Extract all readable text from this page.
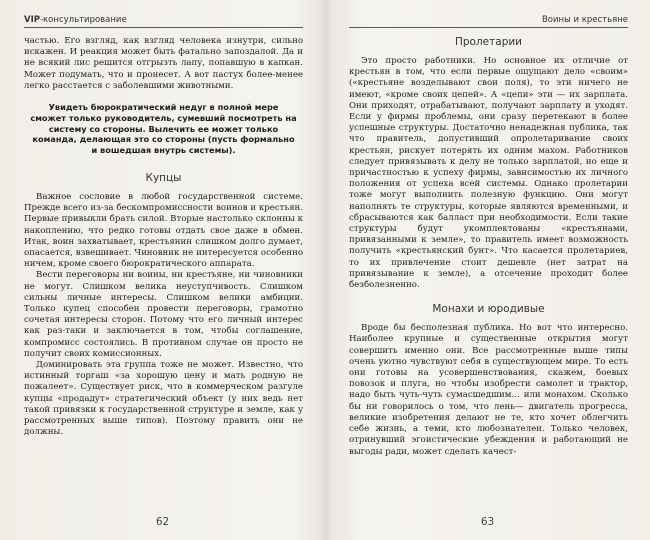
VIP -консультирование

частью. Его взгляд, как взгляд человека изнутри, сильно искажен. И реакция может быть фатально запоздалой. Да и не всякий лис решится отгрызть лапу, попавшую в капкан. Может подумать, что и пронесет. А вот пастух более-менее легко расстается с заболевшими животными.

Увидеть бюрократический недуг в полной мере сможет только руководитель, сумевший посмотреть на систему со стороны. Вылечить ее может только команда, делающая это со стороны (пусть формально и вошедшая внутрь системы).
Купцы

Важное сословие в любой государственной системе. Прежде всего из-за бескомпромиссности воинов и крестьян. Первые привыкли брать силой. Вторые настолько склонны к накоплению, что редко готовы отдать свое даже в обмен. Итак, воин захватывает, крестьянин слишком долго думает, опасается, взвешивает. Чиновник не интересуется особенно ничем, кроме своего бюрократического аппарата.

Вести переговоры ни воины, ни крестьяне, ни чиновники не могут. Слишком велика неуступчивость. Слишком сильны личные интересы. Слишком велики амбиции. Только купец способен провести переговоры, грамотно сочетая интересы сторон. Потому что его личный интерес как раз-таки и заключается в том, чтобы соглашение, компромисс состоялись. В противном случае он просто не получит своих комиссионных.

Доминировать эта группа тоже не может. Известно, что истинный торгаш «за хорошую цену и мать родную не пожалеет». Существует риск, что в коммерческом разгуле купцы «продадут» стратегический объект (у них ведь нет такой привязки к государственной структуре и земле, как у рассмотренных выше типов). Поэтому править они не должны.

62
Воины и крестьяне
Пролетарии

Это просто работники. Но основное их отличие от крестьян в том, что если первые ощущают дело «своим» («крестьяне возделывают свои поля), то эти ничего не имеют, «кроме своих цепей». А «цепи» эти — их зарплата. Они приходят, отрабатывают, получают зарплату и уходят. Если у фирмы проблемы, они сразу перетекают в более успешные структуры. Достаточно ненадежная публика, так что правитель, допустивший опролетаривание своих крестьян, рискует потерять их одним махом. Работников следует привязывать к делу не только зарплатой, но еще и причастностью к успеху фирмы, зависимостью их личного положения от успеха всей системы. Однако пролетарии тоже могут выполнить полезную функцию. Они могут наполнять те структуры, которые являются временными, и сбрасываются как балласт при необходимости. Если такие структуры будут укомплектованы «крестьянами, привязанными к земле», то правитель имеет возможность получить «крестьянский бунт». Что касается пролетариев, то их привлечение стоит дешевле (нет затрат на привязывание к земле), а отсечение проходит более безболезненно.

Монахи и юродивые

Вроде бы бесполезная публика. Но вот что интересно. Наиболее крупные и существенные открытия могут совершить именно они. Все рассмотренные выше типы очень уютно чувствуют себя в существующем мире. То есть они готовы на усовершенствования, скажем, боевых повозок и плуга, но чтобы изобрести самолет и трактор, надо быть чуть-чуть сумасшедшим… или монахом. Сколько бы ни говорилось о том, что лень— двигатель прогресса, великие изобретения делают не те, кто хочет облегчить себе жизнь, а теми, кто любознателен. Только человек, отринувший эгоистические убеждения и работающий не выгоды ради, может сделать качест-

63
